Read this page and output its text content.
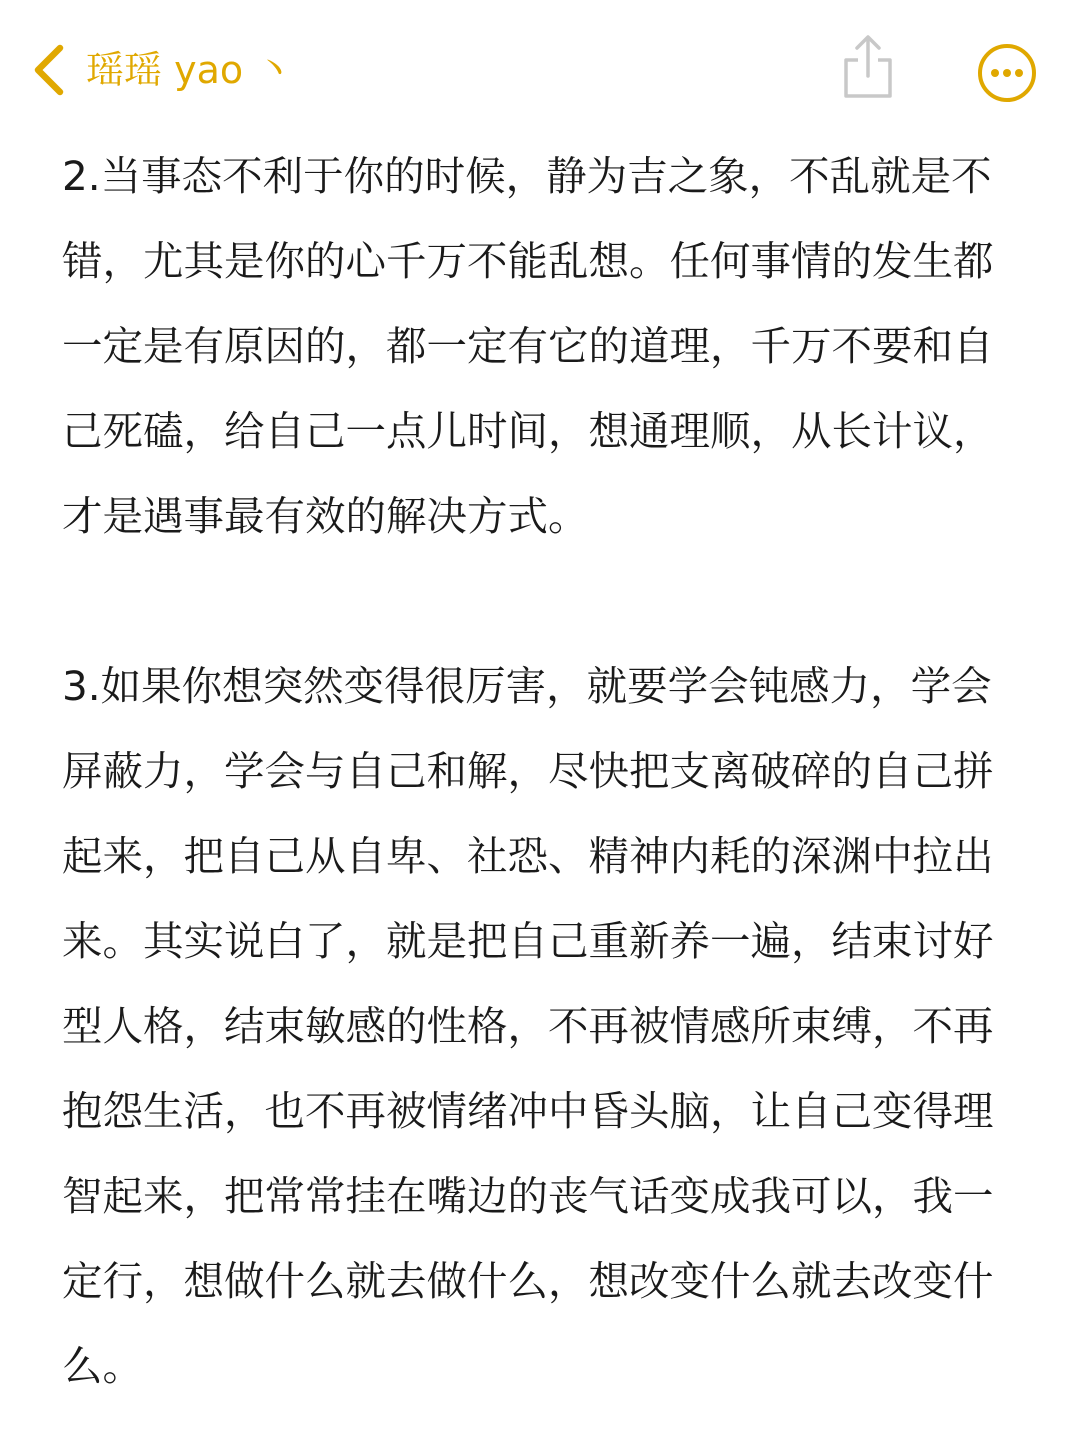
瑶瑶 yao 丶

2.当事态不利于你的时候，静为吉之象，不乱就是不错，尤其是你的心千万不能乱想。任何事情的发生都一定是有原因的，都一定有它的道理，千万不要和自己死磕，给自己一点儿时间，想通理顺，从长计议，才是遇事最有效的解决方式。

3.如果你想突然变得很厉害，就要学会钝感力，学会屏蔽力，学会与自己和解，尽快把支离破碎的自己拼起来，把自己从自卑、社恐、精神内耗的深渊中拉出来。其实说白了，就是把自己重新养一遍，结束讨好型人格，结束敏感的性格，不再被情感所束缚，不再抱怨生活，也不再被情绪冲中昏头脑，让自己变得理智起来，把常常挂在嘴边的丧气话变成我可以，我一定行，想做什么就去做什么，想改变什么就去改变什么。
